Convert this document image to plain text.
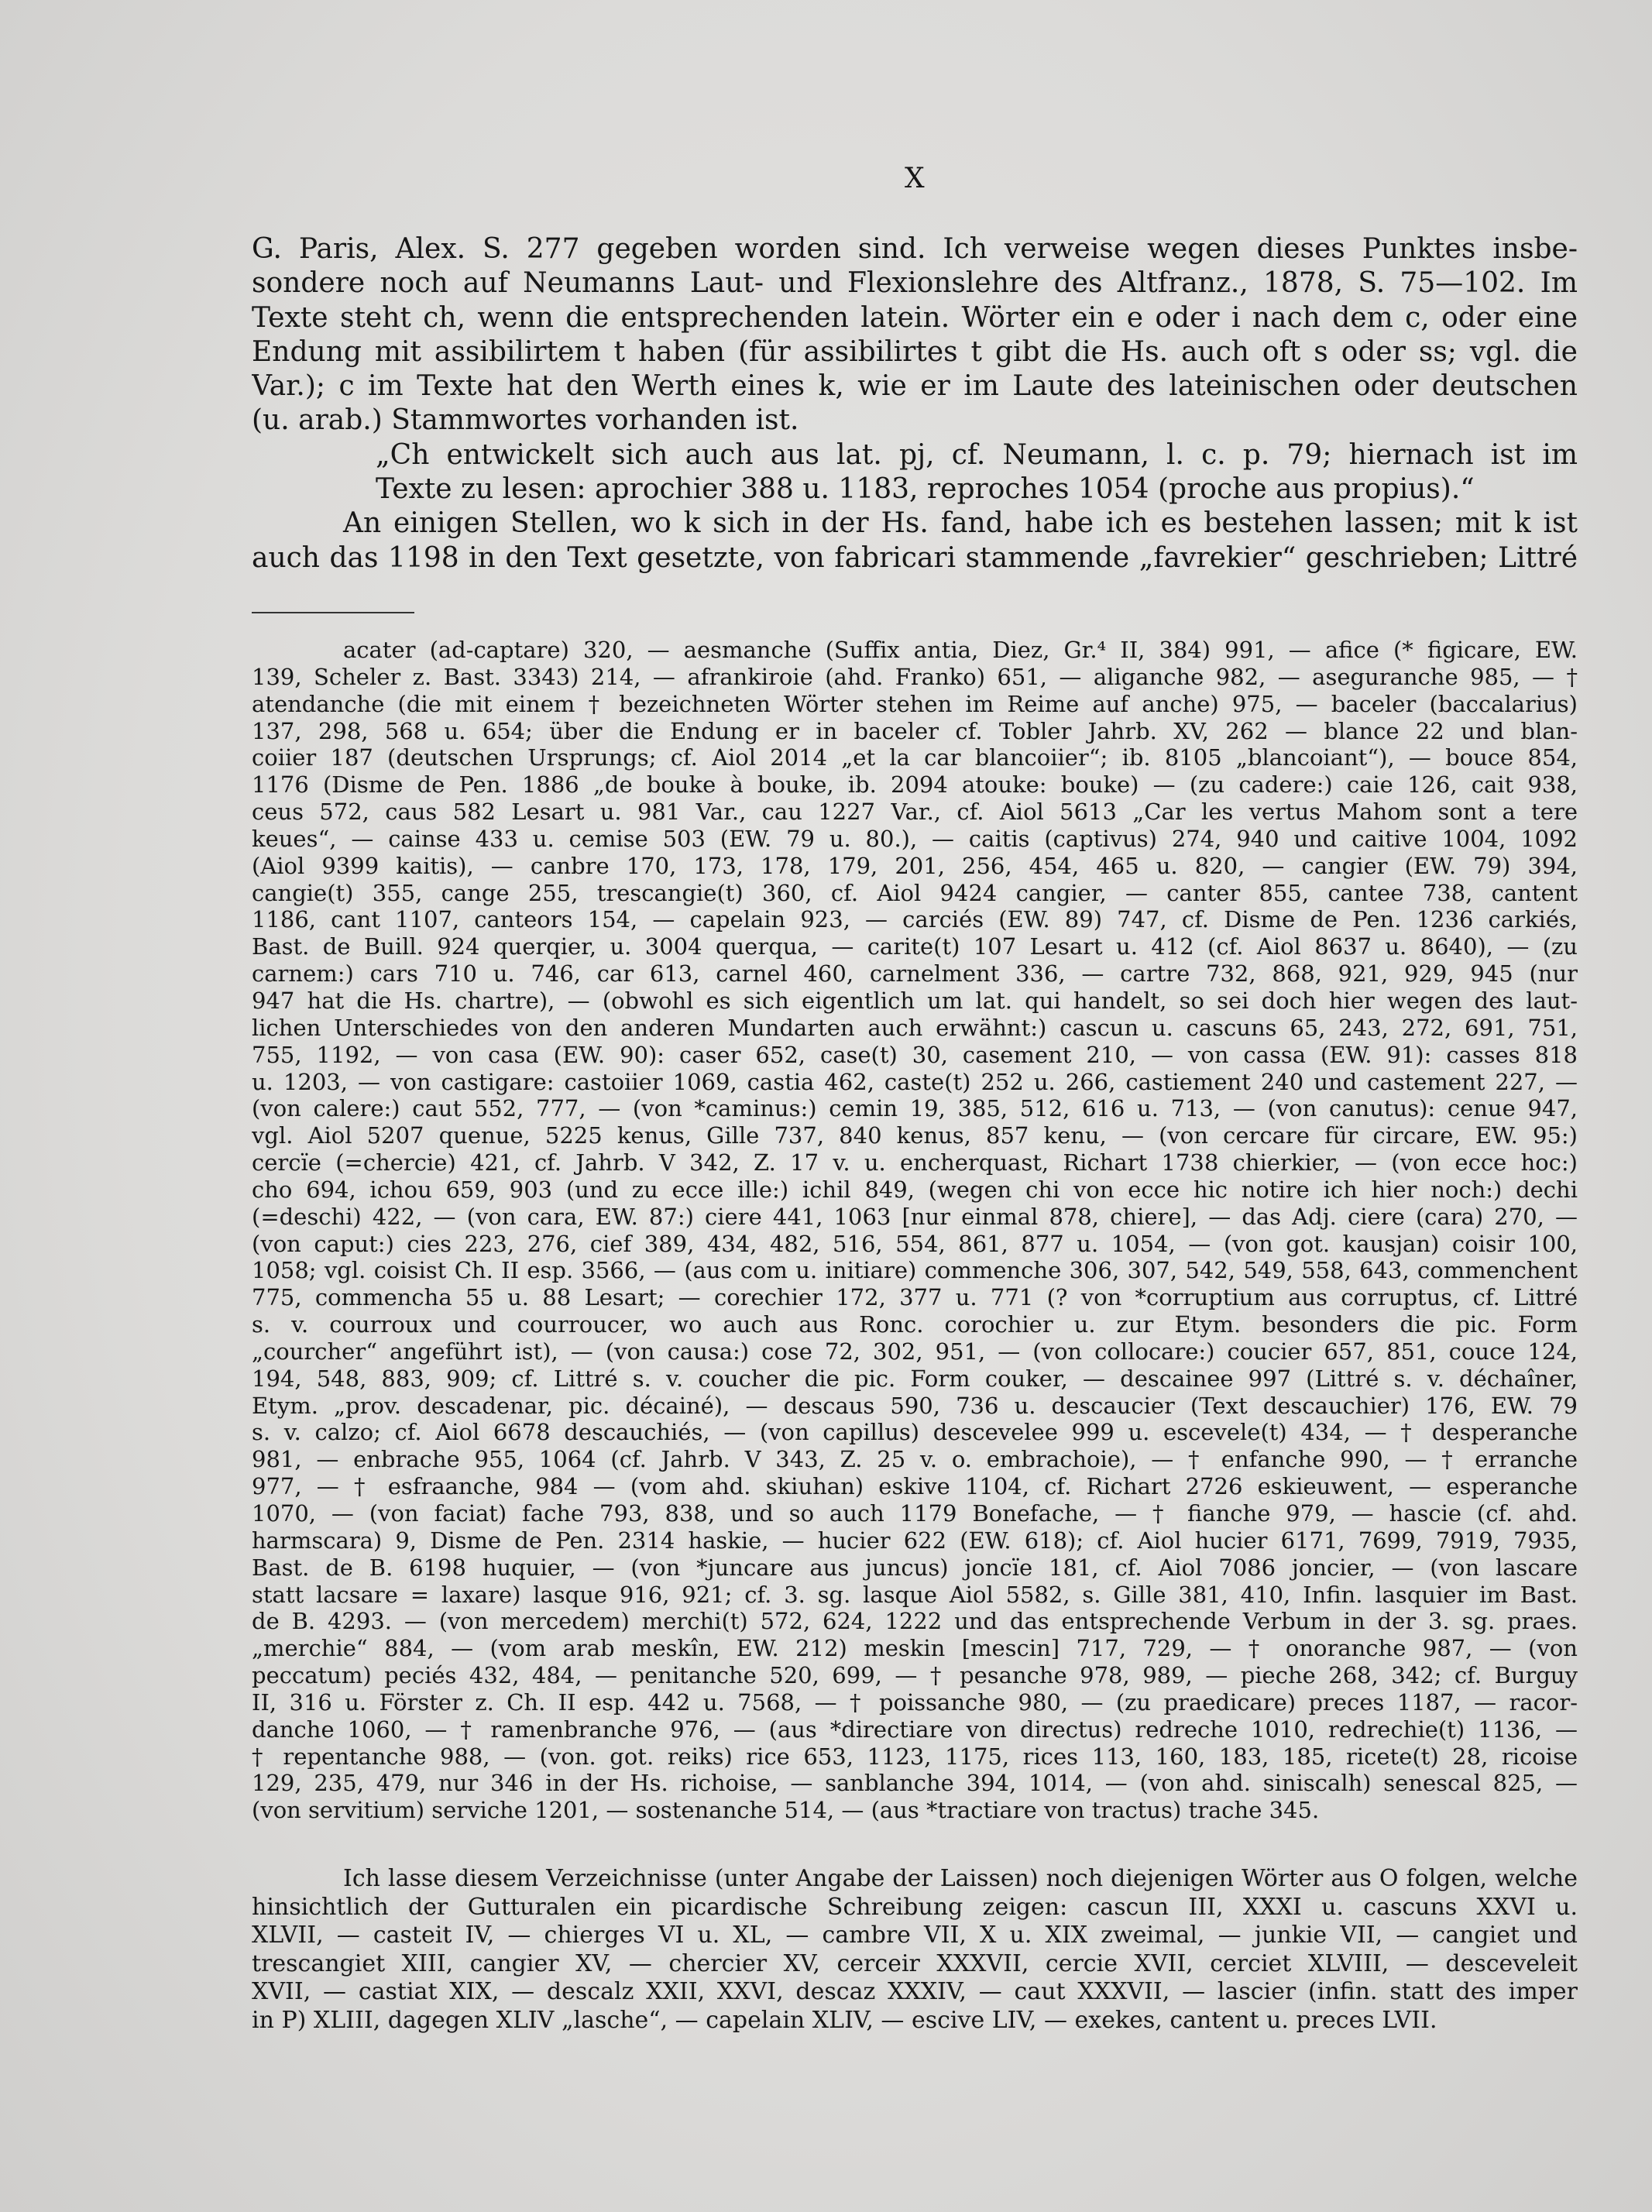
X
G. Paris, Alex. S. 277 gegeben worden sind. Ich verweise wegen dieses Punktes insbe-
sondere noch auf Neumanns Laut- und Flexionslehre des Altfranz., 1878, S. 75—102. Im
Texte steht ch, wenn die entsprechenden latein. Wörter ein e oder i nach dem c, oder eine
Endung mit assibilirtem t haben (für assibilirtes t gibt die Hs. auch oft s oder ss; vgl. die
Var.); c im Texte hat den Werth eines k, wie er im Laute des lateinischen oder deutschen
(u. arab.) Stammwortes vorhanden ist.
„Ch entwickelt sich auch aus lat. pj, cf. Neumann, l. c. p. 79; hiernach ist im
Texte zu lesen: aprochier 388 u. 1183, reproches 1054 (proche aus propius).“
An einigen Stellen, wo k sich in der Hs. fand, habe ich es bestehen lassen; mit k ist
auch das 1198 in den Text gesetzte, von fabricari stammende „favrekier“ geschrieben; Littré
acater (ad-captare) 320, — aesmanche (Suffix antia, Diez, Gr.⁴ II, 384) 991, — afice (* figicare, EW.
139, Scheler z. Bast. 3343) 214, — afrankiroie (ahd. Franko) 651, — aliganche 982, — aseguranche 985, — †
atendanche (die mit einem † bezeichneten Wörter stehen im Reime auf anche) 975, — baceler (baccalarius)
137, 298, 568 u. 654; über die Endung er in baceler cf. Tobler Jahrb. XV, 262 — blance 22 und blan-
coiier 187 (deutschen Ursprungs; cf. Aiol 2014 „et la car blancoiier“; ib. 8105 „blancoiant“), — bouce 854,
1176 (Disme de Pen. 1886 „de bouke à bouke, ib. 2094 atouke: bouke) — (zu cadere:) caie 126, cait 938,
ceus 572, caus 582 Lesart u. 981 Var., cau 1227 Var., cf. Aiol 5613 „Car les vertus Mahom sont a tere
keues“, — cainse 433 u. cemise 503 (EW. 79 u. 80.), — caitis (captivus) 274, 940 und caitive 1004, 1092
(Aiol 9399 kaitis), — canbre 170, 173, 178, 179, 201, 256, 454, 465 u. 820, — cangier (EW. 79) 394,
cangie(t) 355, cange 255, trescangie(t) 360, cf. Aiol 9424 cangier, — canter 855, cantee 738, cantent
1186, cant 1107, canteors 154, — capelain 923, — carciés (EW. 89) 747, cf. Disme de Pen. 1236 carkiés,
Bast. de Buill. 924 querqier, u. 3004 querqua, — carite(t) 107 Lesart u. 412 (cf. Aiol 8637 u. 8640), — (zu
carnem:) cars 710 u. 746, car 613, carnel 460, carnelment 336, — cartre 732, 868, 921, 929, 945 (nur
947 hat die Hs. chartre), — (obwohl es sich eigentlich um lat. qui handelt, so sei doch hier wegen des laut-
lichen Unterschiedes von den anderen Mundarten auch erwähnt:) cascun u. cascuns 65, 243, 272, 691, 751,
755, 1192, — von casa (EW. 90): caser 652, case(t) 30, casement 210, — von cassa (EW. 91): casses 818
u. 1203, — von castigare: castoiier 1069, castia 462, caste(t) 252 u. 266, castiement 240 und castement 227, —
(von calere:) caut 552, 777, — (von *caminus:) cemin 19, 385, 512, 616 u. 713, — (von canutus): cenue 947,
vgl. Aiol 5207 quenue, 5225 kenus, Gille 737, 840 kenus, 857 kenu, — (von cercare für circare, EW. 95:)
cercïe (=cherciе) 421, cf. Jahrb. V 342, Z. 17 v. u. encherquast, Richart 1738 chierkier, — (von ecce hoc:)
cho 694, ichou 659, 903 (und zu ecce ille:) ichil 849, (wegen chi von ecce hic notire ich hier noch:) dechi
(=deschi) 422, — (von cara, EW. 87:) ciere 441, 1063 [nur einmal 878, chiere], — das Adj. ciere (cara) 270, —
(von caput:) cies 223, 276, cief 389, 434, 482, 516, 554, 861, 877 u. 1054, — (von got. kausjan) coisir 100,
1058; vgl. coisist Ch. II esp. 3566, — (aus com u. initiare) commenche 306, 307, 542, 549, 558, 643, commenchent
775, commencha 55 u. 88 Lesart; — corechier 172, 377 u. 771 (? von *corruptium aus corruptus, cf. Littré
s. v. courroux und courroucer, wo auch aus Ronc. corochier u. zur Etym. besonders die pic. Form
„courcher“ angeführt ist), — (von causa:) cose 72, 302, 951, — (von collocare:) coucier 657, 851, couce 124,
194, 548, 883, 909; cf. Littré s. v. coucher die pic. Form couker, — descainee 997 (Littré s. v. déchaîner,
Etym. „prov. descadenar, pic. décainé), — descaus 590, 736 u. descaucier (Text descauchier) 176, EW. 79
s. v. calzo; cf. Aiol 6678 descauchiés, — (von capillus) descevelee 999 u. escevele(t) 434, — † desperanche
981, — enbrache 955, 1064 (cf. Jahrb. V 343, Z. 25 v. o. embrachoie), — † enfanche 990, — † erranche
977, — † esfraanche, 984 — (vom ahd. skiuhan) eskive 1104, cf. Richart 2726 eskieuwent, — esperanche
1070, — (von faciat) fache 793, 838, und so auch 1179 Bonefache, — † fianche 979, — hascie (cf. ahd.
harmscara) 9, Disme de Pen. 2314 haskie, — hucier 622 (EW. 618); cf. Aiol hucier 6171, 7699, 7919, 7935,
Bast. de B. 6198 huquier, — (von *juncare aus juncus) joncïe 181, cf. Aiol 7086 joncier, — (von lascare
statt lacsare = laxare) lasque 916, 921; cf. 3. sg. lasque Aiol 5582, s. Gille 381, 410, Infin. lasquier im Bast.
de B. 4293. — (von mercedem) merchi(t) 572, 624, 1222 und das entsprechende Verbum in der 3. sg. praes.
„merchie“ 884, — (vom arab meskîn, EW. 212) meskin [mescin] 717, 729, — † onoranche 987, — (von
peccatum) peciés 432, 484, — penitanche 520, 699, — † pesanche 978, 989, — pieche 268, 342; cf. Burguy
II, 316 u. Förster z. Ch. II esp. 442 u. 7568, — † poissanche 980, — (zu praedicare) preces 1187, — racor-
danche 1060, — † ramenbranche 976, — (aus *directiare von directus) redreche 1010, redrechie(t) 1136, —
† repentanche 988, — (von. got. reiks) rice 653, 1123, 1175, rices 113, 160, 183, 185, ricete(t) 28, ricoise
129, 235, 479, nur 346 in der Hs. richoise, — sanblanche 394, 1014, — (von ahd. siniscalh) senescal 825, —
(von servitium) serviche 1201, — sostenanche 514, — (aus *tractiare von tractus) trache 345.
Ich lasse diesem Verzeichnisse (unter Angabe der Laissen) noch diejenigen Wörter aus O folgen, welche
hinsichtlich der Gutturalen ein picardische Schreibung zeigen: cascun III, XXXI u. cascuns XXVI u.
XLVII, — casteit IV, — chierges VI u. XL, — cambre VII, X u. XIX zweimal, — junkie VII, — cangiet und
trescangiet XIII, cangier XV, — chercier XV, cerceir XXXVII, cercie XVII, cerciet XLVIII, — desceveleit
XVII, — castiat XIX, — descalz XXII, XXVI, descaz XXXIV, — caut XXXVII, — lascier (infin. statt des imper
in P) XLIII, dagegen XLIV „lasche“, — capelain XLIV, — escive LIV, — exekes, cantent u. preces LVII.
